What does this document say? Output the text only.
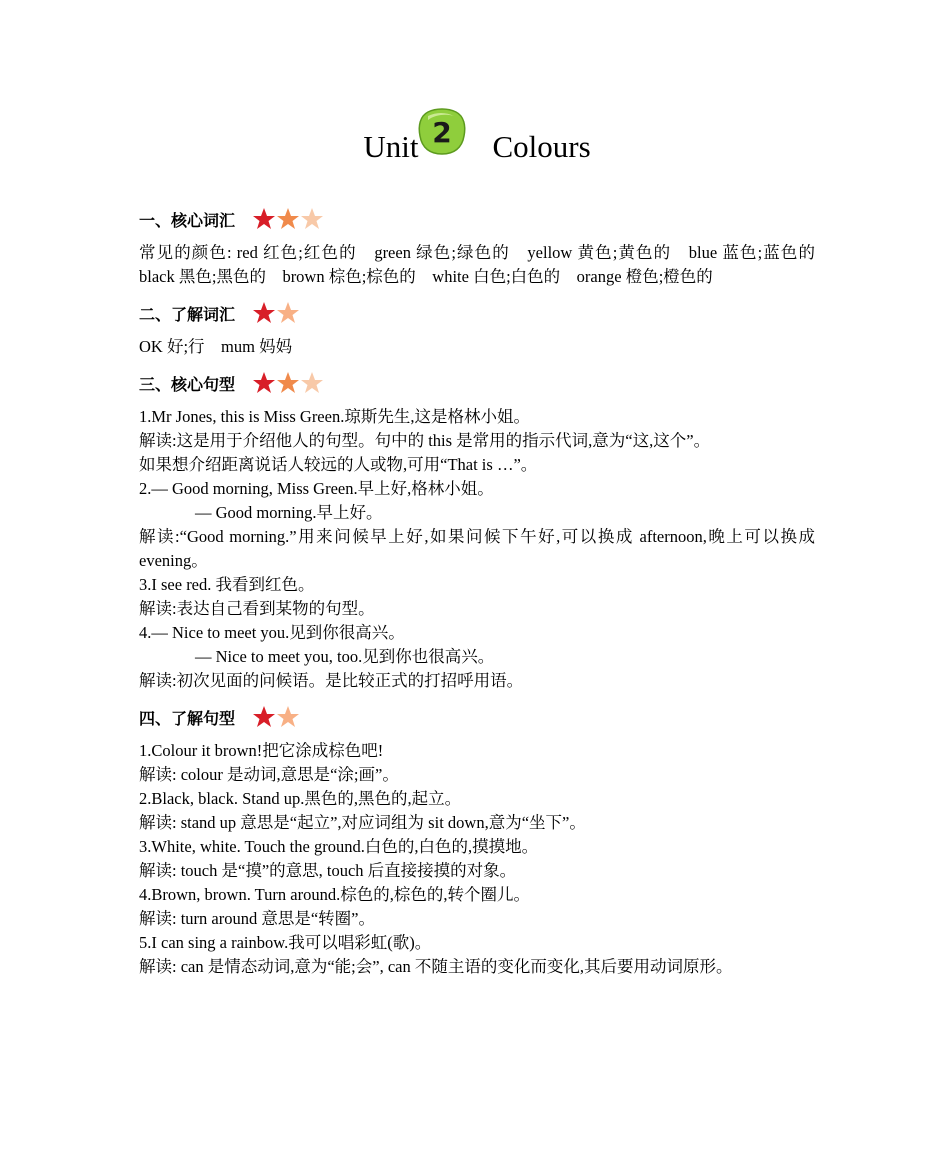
Unit 2 Colours
一、核心词汇
常见的颜色: red 红色;红色的　green 绿色;绿色的　yellow 黄色;黄色的　blue 蓝色;蓝色的　black 黑色;黑色的　brown 棕色;棕色的　white 白色;白色的　orange 橙色;橙色的
二、了解词汇
OK 好;行　mum 妈妈
三、核心句型
1.Mr Jones, this is Miss Green.琼斯先生,这是格林小姐。
解读:这是用于介绍他人的句型。句中的 this 是常用的指示代词,意为“这,这个”。
如果想介绍距离说话人较远的人或物,可用“That is …”。
2.— Good morning, Miss Green.早上好,格林小姐。
— Good morning.早上好。
解读:“Good morning.”用来问候早上好,如果问候下午好,可以换成 afternoon,晚上可以换成 evening。
3.I see red. 我看到红色。
解读:表达自己看到某物的句型。
4.— Nice to meet you.见到你很高兴。
— Nice to meet you, too.见到你也很高兴。
解读:初次见面的问候语。是比较正式的打招呼用语。
四、了解句型
1.Colour it brown!把它涂成棕色吧!
解读: colour 是动词,意思是“涂;画”。
2.Black, black. Stand up.黑色的,黑色的,起立。
解读: stand up 意思是“起立”,对应词组为 sit down,意为“坐下”。
3.White, white. Touch the ground.白色的,白色的,摸摸地。
解读: touch 是“摸”的意思, touch 后直接接摸的对象。
4.Brown, brown. Turn around.棕色的,棕色的,转个圈儿。
解读: turn around 意思是“转圈”。
5.I can sing a rainbow.我可以唱彩虹(歌)。
解读: can 是情态动词,意为“能;会”, can 不随主语的变化而变化,其后要用动词原形。
